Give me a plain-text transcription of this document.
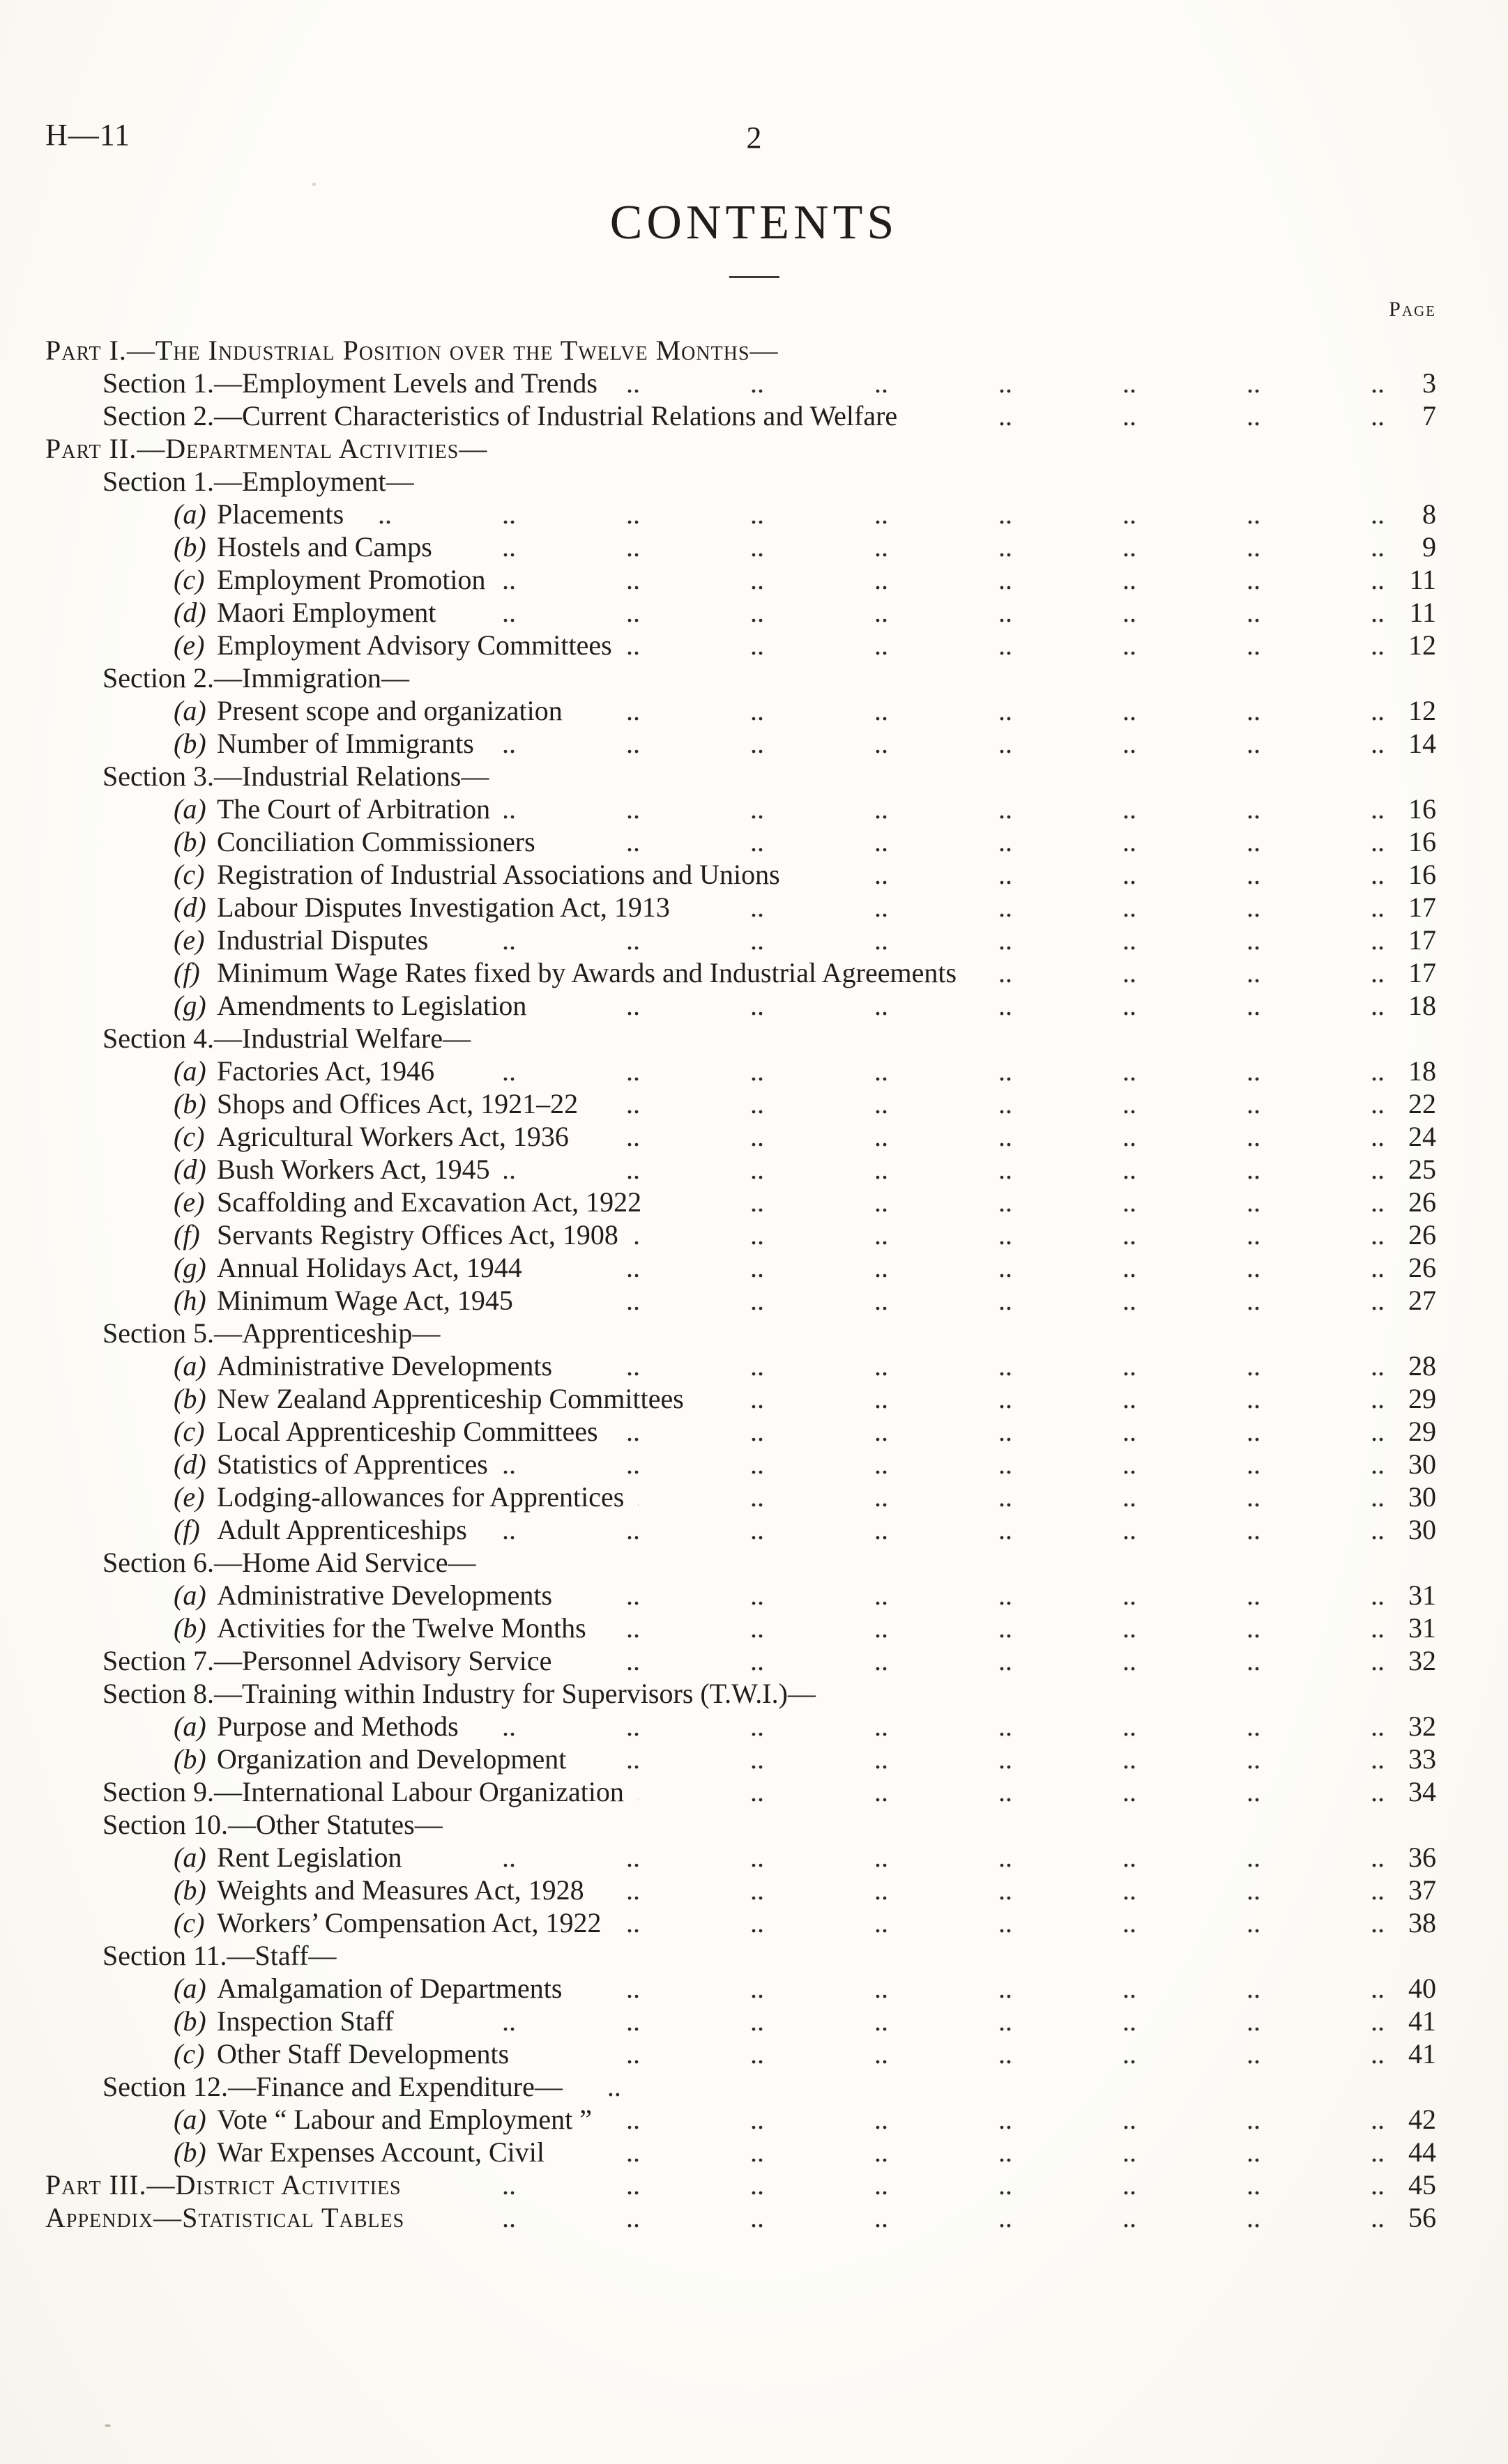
H—11	2
CONTENTS
Page
Part I.—The Industrial Position over the Twelve Months—
Section 1.—Employment Levels and Trends .. ..	3
Section 2.—Current Characteristics of Industrial Relations and Welfare .. ..	7
Part II.—Departmental Activities—
Section 1.—Employment—
(a) Placements .. ..	8
(b) Hostels and Camps .. ..	9
(c) Employment Promotion .. ..	11
(d) Maori Employment .. ..	11
(e) Employment Advisory Committees .. ..	12
Section 2.—Immigration—
(a) Present scope and organization .. ..	12
(b) Number of Immigrants .. ..	14
Section 3.—Industrial Relations—
(a) The Court of Arbitration .. ..	16
(b) Conciliation Commissioners .. ..	16
(c) Registration of Industrial Associations and Unions .. ..	16
(d) Labour Disputes Investigation Act, 1913 .. ..	17
(e) Industrial Disputes .. ..	17
(f) Minimum Wage Rates fixed by Awards and Industrial Agreements .. ..	17
(g) Amendments to Legislation .. ..	18
Section 4.—Industrial Welfare—
(a) Factories Act, 1946 .. ..	18
(b) Shops and Offices Act, 1921–22 .. ..	22
(c) Agricultural Workers Act, 1936 .. ..	24
(d) Bush Workers Act, 1945 .. ..	25
(e) Scaffolding and Excavation Act, 1922 .. ..	26
(f) Servants Registry Offices Act, 1908 .. ..	26
(g) Annual Holidays Act, 1944 .. ..	26
(h) Minimum Wage Act, 1945 .. ..	27
Section 5.—Apprenticeship—
(a) Administrative Developments .. ..	28
(b) New Zealand Apprenticeship Committees .. ..	29
(c) Local Apprenticeship Committees .. ..	29
(d) Statistics of Apprentices .. ..	30
(e) Lodging-allowances for Apprentices .. ..	30
(f) Adult Apprenticeships .. ..	30
Section 6.—Home Aid Service—
(a) Administrative Developments .. ..	31
(b) Activities for the Twelve Months .. ..	31
Section 7.—Personnel Advisory Service .. ..	32
Section 8.—Training within Industry for Supervisors (T.W.I.)—
(a) Purpose and Methods .. ..	32
(b) Organization and Development .. ..	33
Section 9.—International Labour Organization .. ..	34
Section 10.—Other Statutes—
(a) Rent Legislation .. ..	36
(b) Weights and Measures Act, 1928 .. ..	37
(c) Workers’ Compensation Act, 1922 .. ..	38
Section 11.—Staff—
(a) Amalgamation of Departments .. ..	40
(b) Inspection Staff .. ..	41
(c) Other Staff Developments .. ..	41
Section 12.—Finance and Expenditure— ..
(a) Vote “ Labour and Employment ” .. ..	42
(b) War Expenses Account, Civil .. ..	44
Part III.—District Activities .. ..	45
Appendix—Statistical Tables .. ..	56
